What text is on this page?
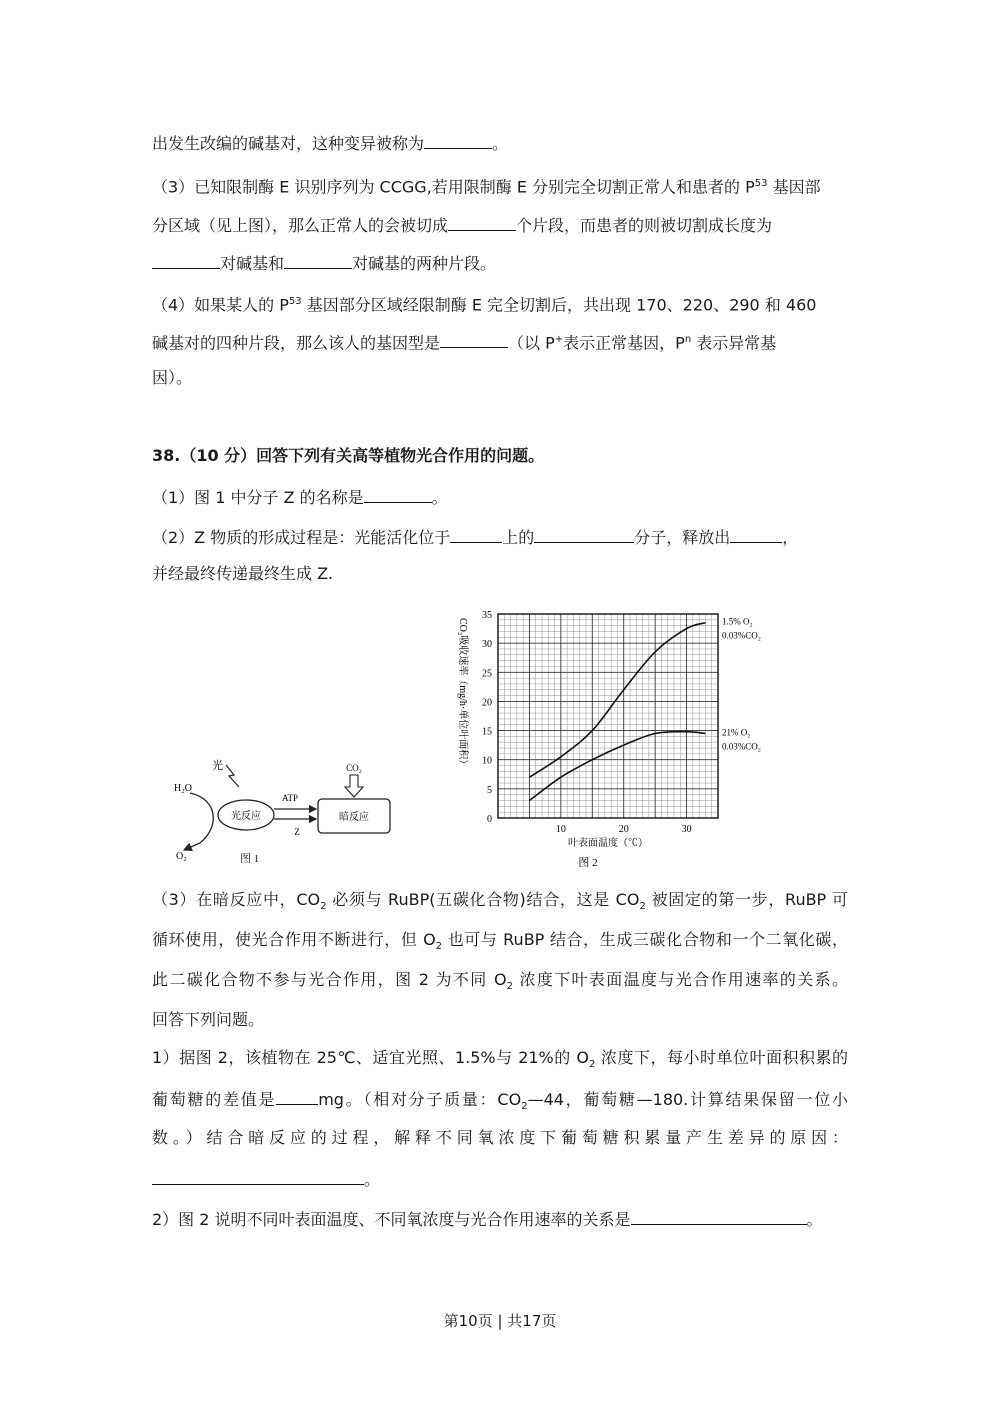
出发生改编的碱基对，这种变异被称为	。
（3）已知限制酶 E 识别序列为 CCGG,若用限制酶 E 分别完全切割正常人和患者的 $P^{53}$ 基因部
分区域（见上图），那么正常人的会被切成	个片段，而患者的则被切割成长度为
对碱基和	对碱基的两种片段。
（4）如果某人的 $P^{53}$ 基因部分区域经限制酶 E 完全切割后，共出现 170、220、290 和 460
碱基对的四种片段，那么该人的基因型是	（以 P+表示正常基因，$P^n$ 表示异常基
因）。
38.（10 分）回答下列有关高等植物光合作用的问题。
（1）图 1 中分子 Z 的名称是	。
（2）Z 物质的形成过程是：光能活化位于	上的	分子，释放出	，
并经最终传递最终生成 Z.
H₂O
光
O₂
光反应	暗反应
ATP
Z
CO₂
图 1
0
5
10
15
20
25
30
35
10	20	30
1.5% O₂
0.03%CO₂
21% O₂
0.03%CO₂
CO₂吸收速率（mg/h·单位叶面积）
叶表面温度（℃）
图 2
（3）在暗反应中，$CO_2$ 必须与 RuBP(五碳化合物)结合，这是 $CO_2$ 被固定的第一步，RuBP 可
循环使用，使光合作用不断进行，但 $O_2$ 也可与 RuBP 结合，生成三碳化合物和一个二氧化碳，
此二碳化合物不参与光合作用，图 2 为不同 $O_2$ 浓度下叶表面温度与光合作用速率的关系。
回答下列问题。
1）据图 2，该植物在 25℃、适宜光照、1.5%与 21%的 $O_2$ 浓度下，每小时单位叶面积积累的
葡萄糖的差值是	mg。（相对分子质量：$CO_2—44$，葡萄糖—180.计算结果保留一位小
数。）结合暗反应的过程，解释不同氧浓度下葡萄糖积累量产生差异的原因：
。
2）图 2 说明不同叶表面温度、不同氧浓度与光合作用速率的关系是	。
第10页 | 共17页
